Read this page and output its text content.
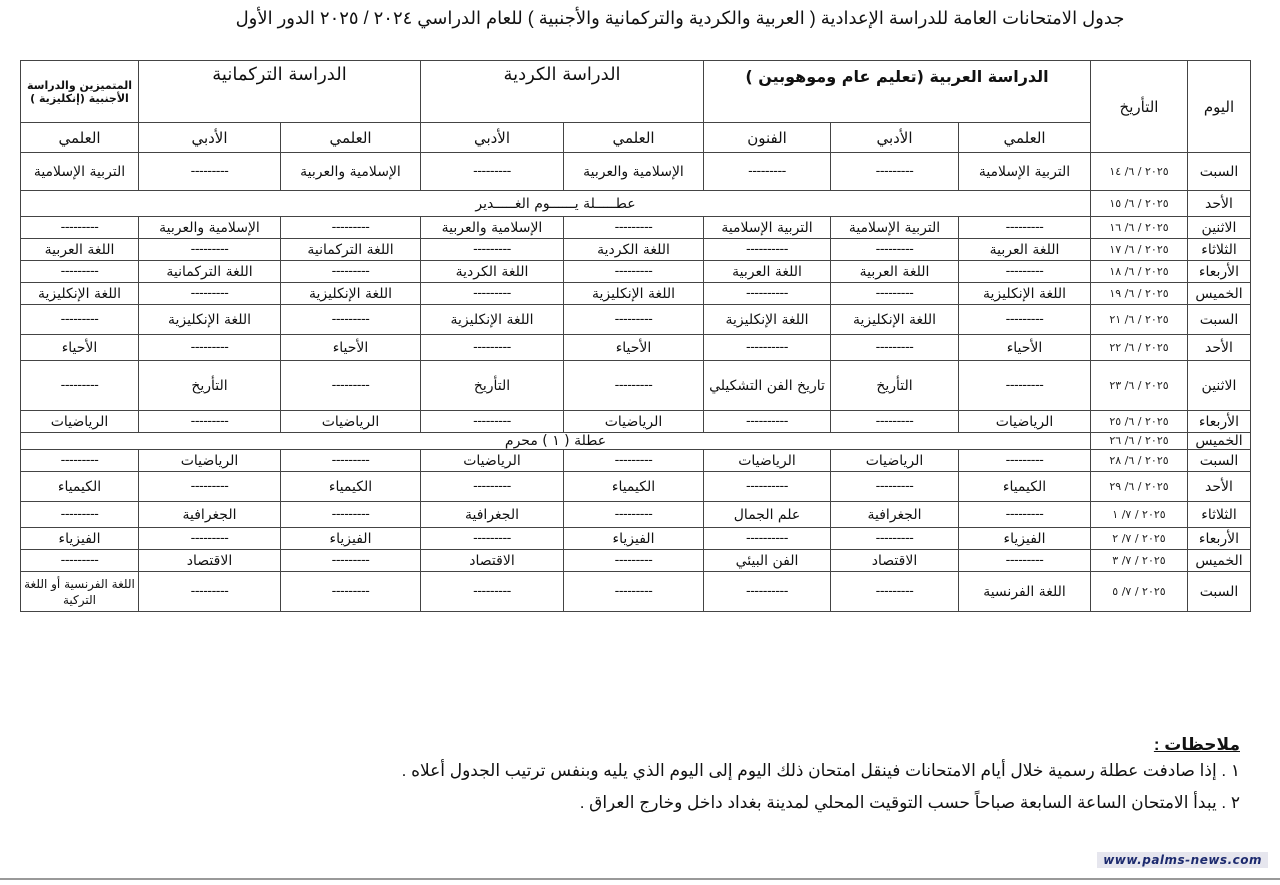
جدول الامتحانات العامة للدراسة الإعدادية ( العربية والكردية والتركمانية والأجنبية ) للعام الدراسي ٢٠٢٤ / ٢٠٢٥ الدور الأول
اليوم	التأريخ	الدراسة العربية (تعليم عام وموهوبين )			الدراسة الكردية		الدراسة التركمانية		المتميزين والدراسة الأجنبية (إنكليزية )
		العلمي	الأدبي	الفنون	العلمي	الأدبي	العلمي	الأدبي	العلمي
السبت	٢٠٢٥ / ٦/ ١٤	التربية الإسلامية	---------	---------	الإسلامية والعربية	---------	الإسلامية والعربية	---------	التربية الإسلامية
الأحد	٢٠٢٥ / ٦/ ١٥	عطـــــلة يــــــوم الغـــــدير							
الاثنين	٢٠٢٥ / ٦/ ١٦	---------	التربية الإسلامية	التربية الإسلامية	---------	الإسلامية والعربية	---------	الإسلامية والعربية	---------
الثلاثاء	٢٠٢٥ / ٦/ ١٧	اللغة العربية	---------	----------	اللغة الكردية	---------	اللغة التركمانية	---------	اللغة العربية
الأربعاء	٢٠٢٥ / ٦/ ١٨	---------	اللغة العربية	اللغة العربية	---------	اللغة الكردية	---------	اللغة التركمانية	---------
الخميس	٢٠٢٥ / ٦/ ١٩	اللغة الإنكليزية	---------	----------	اللغة الإنكليزية	---------	اللغة الإنكليزية	---------	اللغة الإنكليزية
السبت	٢٠٢٥ / ٦/ ٢١	---------	اللغة الإنكليزية	اللغة الإنكليزية	---------	اللغة الإنكليزية	---------	اللغة الإنكليزية	---------
الأحد	٢٠٢٥ / ٦/ ٢٢	الأحياء	---------	----------	الأحياء	---------	الأحياء	---------	الأحياء
الاثنين	٢٠٢٥ / ٦/ ٢٣	---------	التأريخ	تاريخ الفن التشكيلي	---------	التأريخ	---------	التأريخ	---------
الأربعاء	٢٠٢٥ / ٦/ ٢٥	الرياضيات	---------	----------	الرياضيات	---------	الرياضيات	---------	الرياضيات
الخميس	٢٠٢٥ / ٦/ ٢٦	عطلة ( ١ ) محرم							
السبت	٢٠٢٥ / ٦/ ٢٨	---------	الرياضيات	الرياضيات	---------	الرياضيات	---------	الرياضيات	---------
الأحد	٢٠٢٥ / ٦/ ٢٩	الكيمياء	---------	----------	الكيمياء	---------	الكيمياء	---------	الكيمياء
الثلاثاء	٢٠٢٥ / ٧/ ١	---------	الجغرافية	علم الجمال	---------	الجغرافية	---------	الجغرافية	---------
الأربعاء	٢٠٢٥ / ٧/ ٢	الفيزياء	---------	----------	الفيزياء	---------	الفيزياء	---------	الفيزياء
الخميس	٢٠٢٥ / ٧/ ٣	---------	الاقتصاد	الفن البيئي	---------	الاقتصاد	---------	الاقتصاد	---------
السبت	٢٠٢٥ / ٧/ ٥	اللغة الفرنسية	---------	----------	---------	---------	---------	---------	اللغة الفرنسية أو اللغة التركية
ملاحظات :
١ . إذا صادفت عطلة رسمية خلال أيام الامتحانات فينقل امتحان ذلك اليوم إلى اليوم الذي يليه وبنفس ترتيب الجدول أعلاه .
٢ . يبدأ الامتحان الساعة السابعة صباحاً حسب التوقيت المحلي لمدينة بغداد داخل وخارج العراق .
www.palms-news.com
